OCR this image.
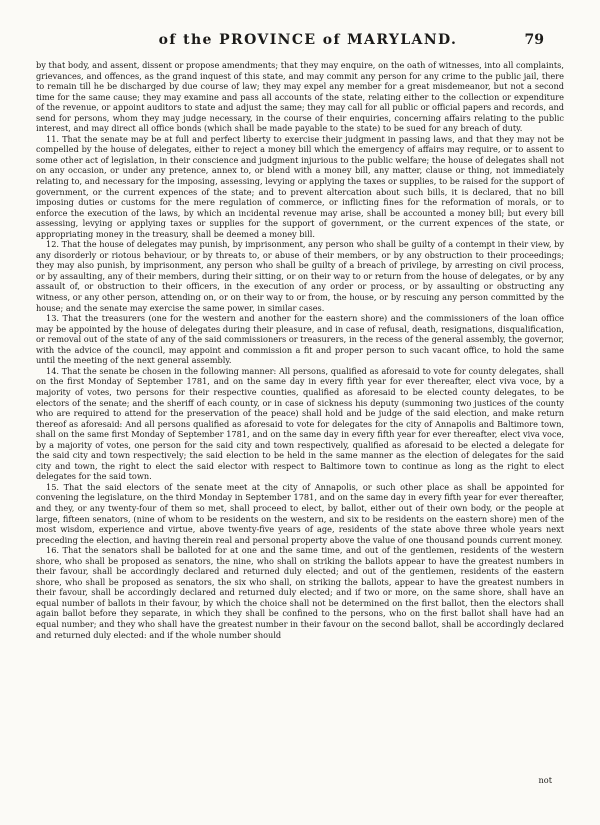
of the PROVINCE of MARYLAND.	79

by that body, and assent, dissent or propose amendments; that they may enquire, on the oath of witnesses, into all complaints, grievances, and offences, as the grand inquest of this state, and may commit any person for any crime to the public jail, there to remain till he be discharged by due course of law; they may expel any member for a great misdemeanor, but not a second time for the same cause; they may examine and pass all accounts of the state, relating either to the collection or expenditure of the revenue, or appoint auditors to state and adjust the same; they may call for all public or official papers and records, and send for persons, whom they may judge necessary, in the course of their enquiries, concerning affairs relating to the public interest, and may direct all office bonds (which shall be made payable to the state) to be sued for any breach of duty.

11. That the senate may be at full and perfect liberty to exercise their judgment in passing laws, and that they may not be compelled by the house of delegates, either to reject a money bill which the emergency of affairs may require, or to assent to some other act of legislation, in their conscience and judgment injurious to the public welfare; the house of delegates shall not on any occasion, or under any pretence, annex to, or blend with a money bill, any matter, clause or thing, not immediately relating to, and necessary for the imposing, assessing, levying or applying the taxes or supplies, to be raised for the support of government, or the current expences of the state; and to prevent altercation about such bills, it is declared, that no bill imposing duties or customs for the mere regulation of commerce, or inflicting fines for the reformation of morals, or to enforce the execution of the laws, by which an incidental revenue may arise, shall be accounted a money bill; but every bill assessing, levying or applying taxes or supplies for the support of government, or the current expences of the state, or appropriating money in the treasury, shall be deemed a money bill.

12. That the house of delegates may punish, by imprisonment, any person who shall be guilty of a contempt in their view, by any disorderly or riotous behaviour, or by threats to, or abuse of their members, or by any obstruction to their proceedings; they may also punish, by imprisonment, any person who shall be guilty of a breach of privilege, by arresting on civil process, or by assaulting, any of their members, during their sitting, or on their way to or return from the house of delegates, or by any assault of, or obstruction to their officers, in the execution of any order or process, or by assaulting or obstructing any witness, or any other person, attending on, or on their way to or from, the house, or by rescuing any person committed by the house; and the senate may exercise the same power, in similar cases.

13. That the treasurers (one for the western and another for the eastern shore) and the commissioners of the loan office may be appointed by the house of delegates during their pleasure, and in case of refusal, death, resignations, disqualification, or removal out of the state of any of the said commissioners or treasurers, in the recess of the general assembly, the governor, with the advice of the council, may appoint and commission a fit and proper person to such vacant office, to hold the same until the meeting of the next general assembly.

14. That the senate be chosen in the following manner: All persons, qualified as aforesaid to vote for county delegates, shall on the first Monday of September 1781, and on the same day in every fifth year for ever thereafter, elect viva voce, by a majority of votes, two persons for their respective counties, qualified as aforesaid to be elected county delegates, to be electors of the senate; and the sheriff of each county, or in case of sickness his deputy (summoning two justices of the county who are required to attend for the preservation of the peace) shall hold and be judge of the said election, and make return thereof as aforesaid: And all persons qualified as aforesaid to vote for delegates for the city of Annapolis and Baltimore town, shall on the same first Monday of September 1781, and on the same day in every fifth year for ever thereafter, elect viva voce, by a majority of votes, one person for the said city and town respectively, qualified as aforesaid to be elected a delegate for the said city and town respectively; the said election to be held in the same manner as the election of delegates for the said city and town, the right to elect the said elector with respect to Baltimore town to continue as long as the right to elect delegates for the said town.

15. That the said electors of the senate meet at the city of Annapolis, or such other place as shall be appointed for convening the legislature, on the third Monday in September 1781, and on the same day in every fifth year for ever thereafter, and they, or any twenty-four of them so met, shall proceed to elect, by ballot, either out of their own body, or the people at large, fifteen senators, (nine of whom to be residents on the western, and six to be residents on the eastern shore) men of the most wisdom, experience and virtue, above twenty-five years of age, residents of the state above three whole years next preceding the election, and having therein real and personal property above the value of one thousand pounds current money.

16. That the senators shall be balloted for at one and the same time, and out of the gentlemen, residents of the western shore, who shall be proposed as senators, the nine, who shall on striking the ballots appear to have the greatest numbers in their favour, shall be accordingly declared and returned duly elected; and out of the gentlemen, residents of the eastern shore, who shall be proposed as senators, the six who shall, on striking the ballots, appear to have the greatest numbers in their favour, shall be accordingly declared and returned duly elected; and if two or more, on the same shore, shall have an equal number of ballots in their favour, by which the choice shall not be determined on the first ballot, then the electors shall again ballot before they separate, in which they shall be confined to the persons, who on the first ballot shall have had an equal number; and they who shall have the greatest number in their favour on the second ballot, shall be accordingly declared and returned duly elected: and if the whole number should

not
